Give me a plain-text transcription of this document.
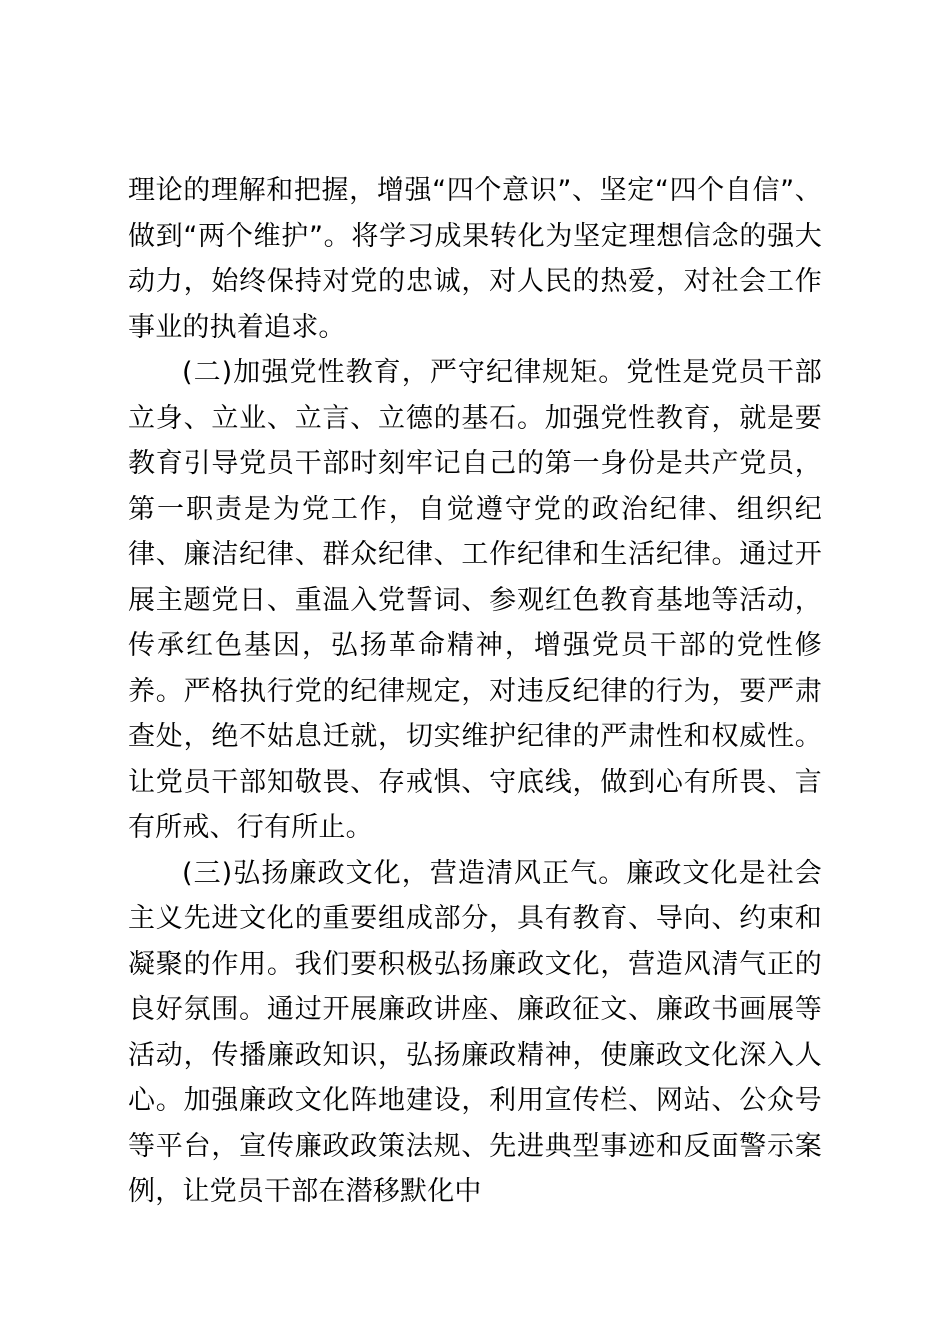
理论的理解和把握，增强“四个意识”、坚定“四个自信”、做到“两个维护”。将学习成果转化为坚定理想信念的强大动力，始终保持对党的忠诚，对人民的热爱，对社会工作事业的执着追求。

(二)加强党性教育，严守纪律规矩。党性是党员干部立身、立业、立言、立德的基石。加强党性教育，就是要教育引导党员干部时刻牢记自己的第一身份是共产党员，第一职责是为党工作，自觉遵守党的政治纪律、组织纪律、廉洁纪律、群众纪律、工作纪律和生活纪律。通过开展主题党日、重温入党誓词、参观红色教育基地等活动，传承红色基因，弘扬革命精神，增强党员干部的党性修养。严格执行党的纪律规定，对违反纪律的行为，要严肃查处，绝不姑息迁就，切实维护纪律的严肃性和权威性。让党员干部知敬畏、存戒惧、守底线，做到心有所畏、言有所戒、行有所止。

(三)弘扬廉政文化，营造清风正气。廉政文化是社会主义先进文化的重要组成部分，具有教育、导向、约束和凝聚的作用。我们要积极弘扬廉政文化，营造风清气正的良好氛围。通过开展廉政讲座、廉政征文、廉政书画展等活动，传播廉政知识，弘扬廉政精神，使廉政文化深入人心。加强廉政文化阵地建设，利用宣传栏、网站、公众号等平台，宣传廉政政策法规、先进典型事迹和反面警示案例，让党员干部在潜移默化中
